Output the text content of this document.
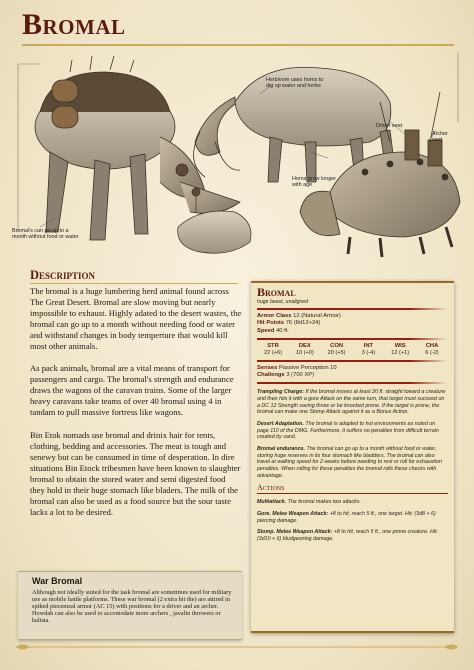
Bromal
Herbivore uses horns to dig up water and herbs
Horns grow longer with age
Driver seat
Archer seat
Bromal's can go up to a month without food or water
Description

The bromal is a huge lumbering herd animal found across The Great Desert. Bromal are slow moving but nearly impossible to exhaust. Highly adated to the desert wastes, the bromal can go up to a month without needing food or water and withstand changes in body temperture that would kill most other animals.

As pack animals, bromal are a vital means of transport for passengers and cargo. The bromal's strength and endurance draws the wagons of the caravan trains. Some of the larger heavy caravans take teams of over 40 bromal using 4 in tandam to pull massive fortress like wagons.

Bin Etok nomads use bromal and drinix hair for tents, clothing, bedding and accessories. The meat is tough and senewy but can be consumed in time of desperation. In dire situations Bin Etock tribesmen have been known to slaughter bromal to obtain the stored water and semi digested food they hold in their huge stomach like bladers. The milk of the bromal can also be used as a food source but the sour taste lacks a lot to be desired.

War Bromal
Although not ideally suited for the task bromal are sometimes used for military use as mobile battle platforms. These war bromal (2 extra hit die) are attired in spiked piecemeal armor (AC 15) with positions for a driver and an archer. Howdah can also be used to accomodate more archers , javalin throwers or balista.
Bromal
huge beast, unaligned
Armor Class 12 (Natural Armor)
Hit Points 76 (8d12+24)
Speed 40 ft.
STR
22 (+6)
DEX
10 (+0)
CON
20 (+5)
INT
3 (-4)
WIS
12 (+1)
CHA
6 (-2)
Senses Passive Perception 10
Challenge 3 (700 XP)
Trampling Charge: If the bromal moves at least 20 ft. straight toward a creature and then hits it with a gore Attack on the same turn, that target must succeed on a DC 12 Strength saving throw or be knocked prone. If the target is prone, the bromal can make one Stomp Attack against it as a Bonus Action.
Desert Adaptation. The bromal is adapted to hot environments as noted on page 110 of the DMG. Furthermore, it suffers no penalties from difficult terrain created by sand.
Bromal endurance. The bromal can go up to a month without food or water, storing huge reserves in its four stomach like bladders. The bromal can also travel at walking speed for 2 weeks before needing to rest or roll for exhaustion penalties. When rolling for these penalties the bromal rolls these checks with advantage.
Actions
Multiattack. The bromal makes two attacks.
Gore. Melee Weapon Attack: +8 to hit, reach 5 ft., one target. Hit: (3d8 + 6) piercing damage.
Stomp. Melee Weapon Attack: +8 to hit, reach 5 ft., one prone creature. Hit: (3d10 + 6) bludgeoning damage.
